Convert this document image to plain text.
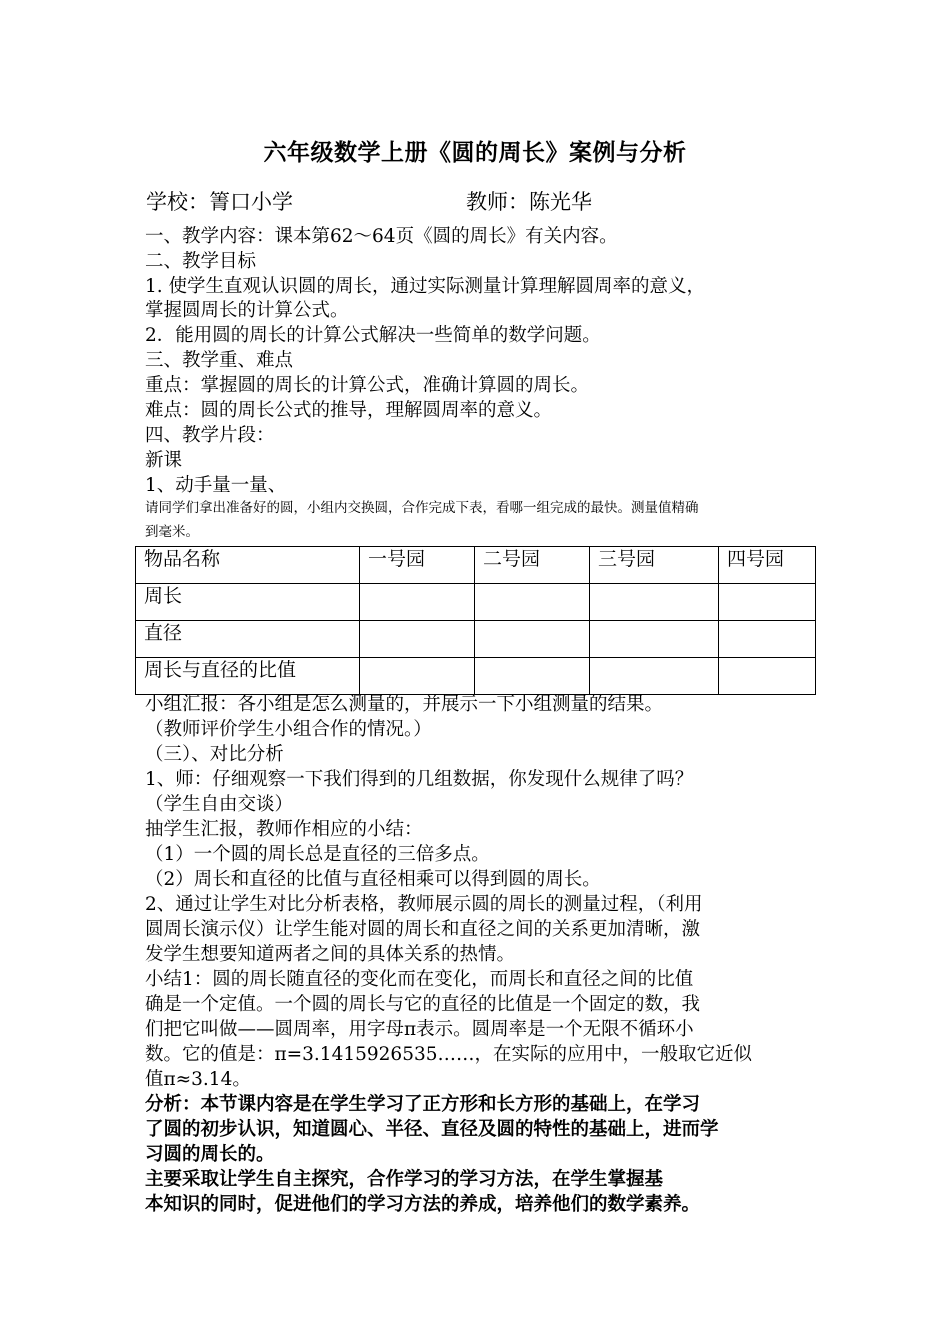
六年级数学上册《圆的周长》案例与分析
学校：箐口小学	教师：陈光华
一、教学内容：课本第62～64页《圆的周长》有关内容。
二、教学目标
1. 使学生直观认识圆的周长，通过实际测量计算理解圆周率的意义，
掌握圆周长的计算公式。
2．能用圆的周长的计算公式解决一些简单的数学问题。
三、教学重、难点
重点：掌握圆的周长的计算公式，准确计算圆的周长。
难点：圆的周长公式的推导，理解圆周率的意义。
四、教学片段：
新课
1、动手量一量、
请同学们拿出准备好的圆，小组内交换圆，合作完成下表，看哪一组完成的最快。测量值精确
到毫米。
物品名称	一号园	二号园	三号园	四号园
周长				
直径				
周长与直径的比值				
小组汇报：各小组是怎么测量的，并展示一下小组测量的结果。
（教师评价学生小组合作的情况。）
（三）、对比分析
1、师：仔细观察一下我们得到的几组数据，你发现什么规律了吗？
（学生自由交谈）
抽学生汇报，教师作相应的小结：
（1）一个圆的周长总是直径的三倍多点。
（2）周长和直径的比值与直径相乘可以得到圆的周长。
2、通过让学生对比分析表格，教师展示圆的周长的测量过程，（利用
圆周长演示仪）让学生能对圆的周长和直径之间的关系更加清晰，激
发学生想要知道两者之间的具体关系的热情。
小结1：圆的周长随直径的变化而在变化，而周长和直径之间的比值
确是一个定值。一个圆的周长与它的直径的比值是一个固定的数，我
们把它叫做——圆周率，用字母π表示。圆周率是一个无限不循环小
数。它的值是：π=3.1415926535……，在实际的应用中，一般取它近似
值π≈3.14。
分析：本节课内容是在学生学习了正方形和长方形的基础上，在学习
了圆的初步认识，知道圆心、半径、直径及圆的特性的基础上，进而学
习圆的周长的。
主要采取让学生自主探究，合作学习的学习方法，在学生掌握基
本知识的同时，促进他们的学习方法的养成，培养他们的数学素养。
